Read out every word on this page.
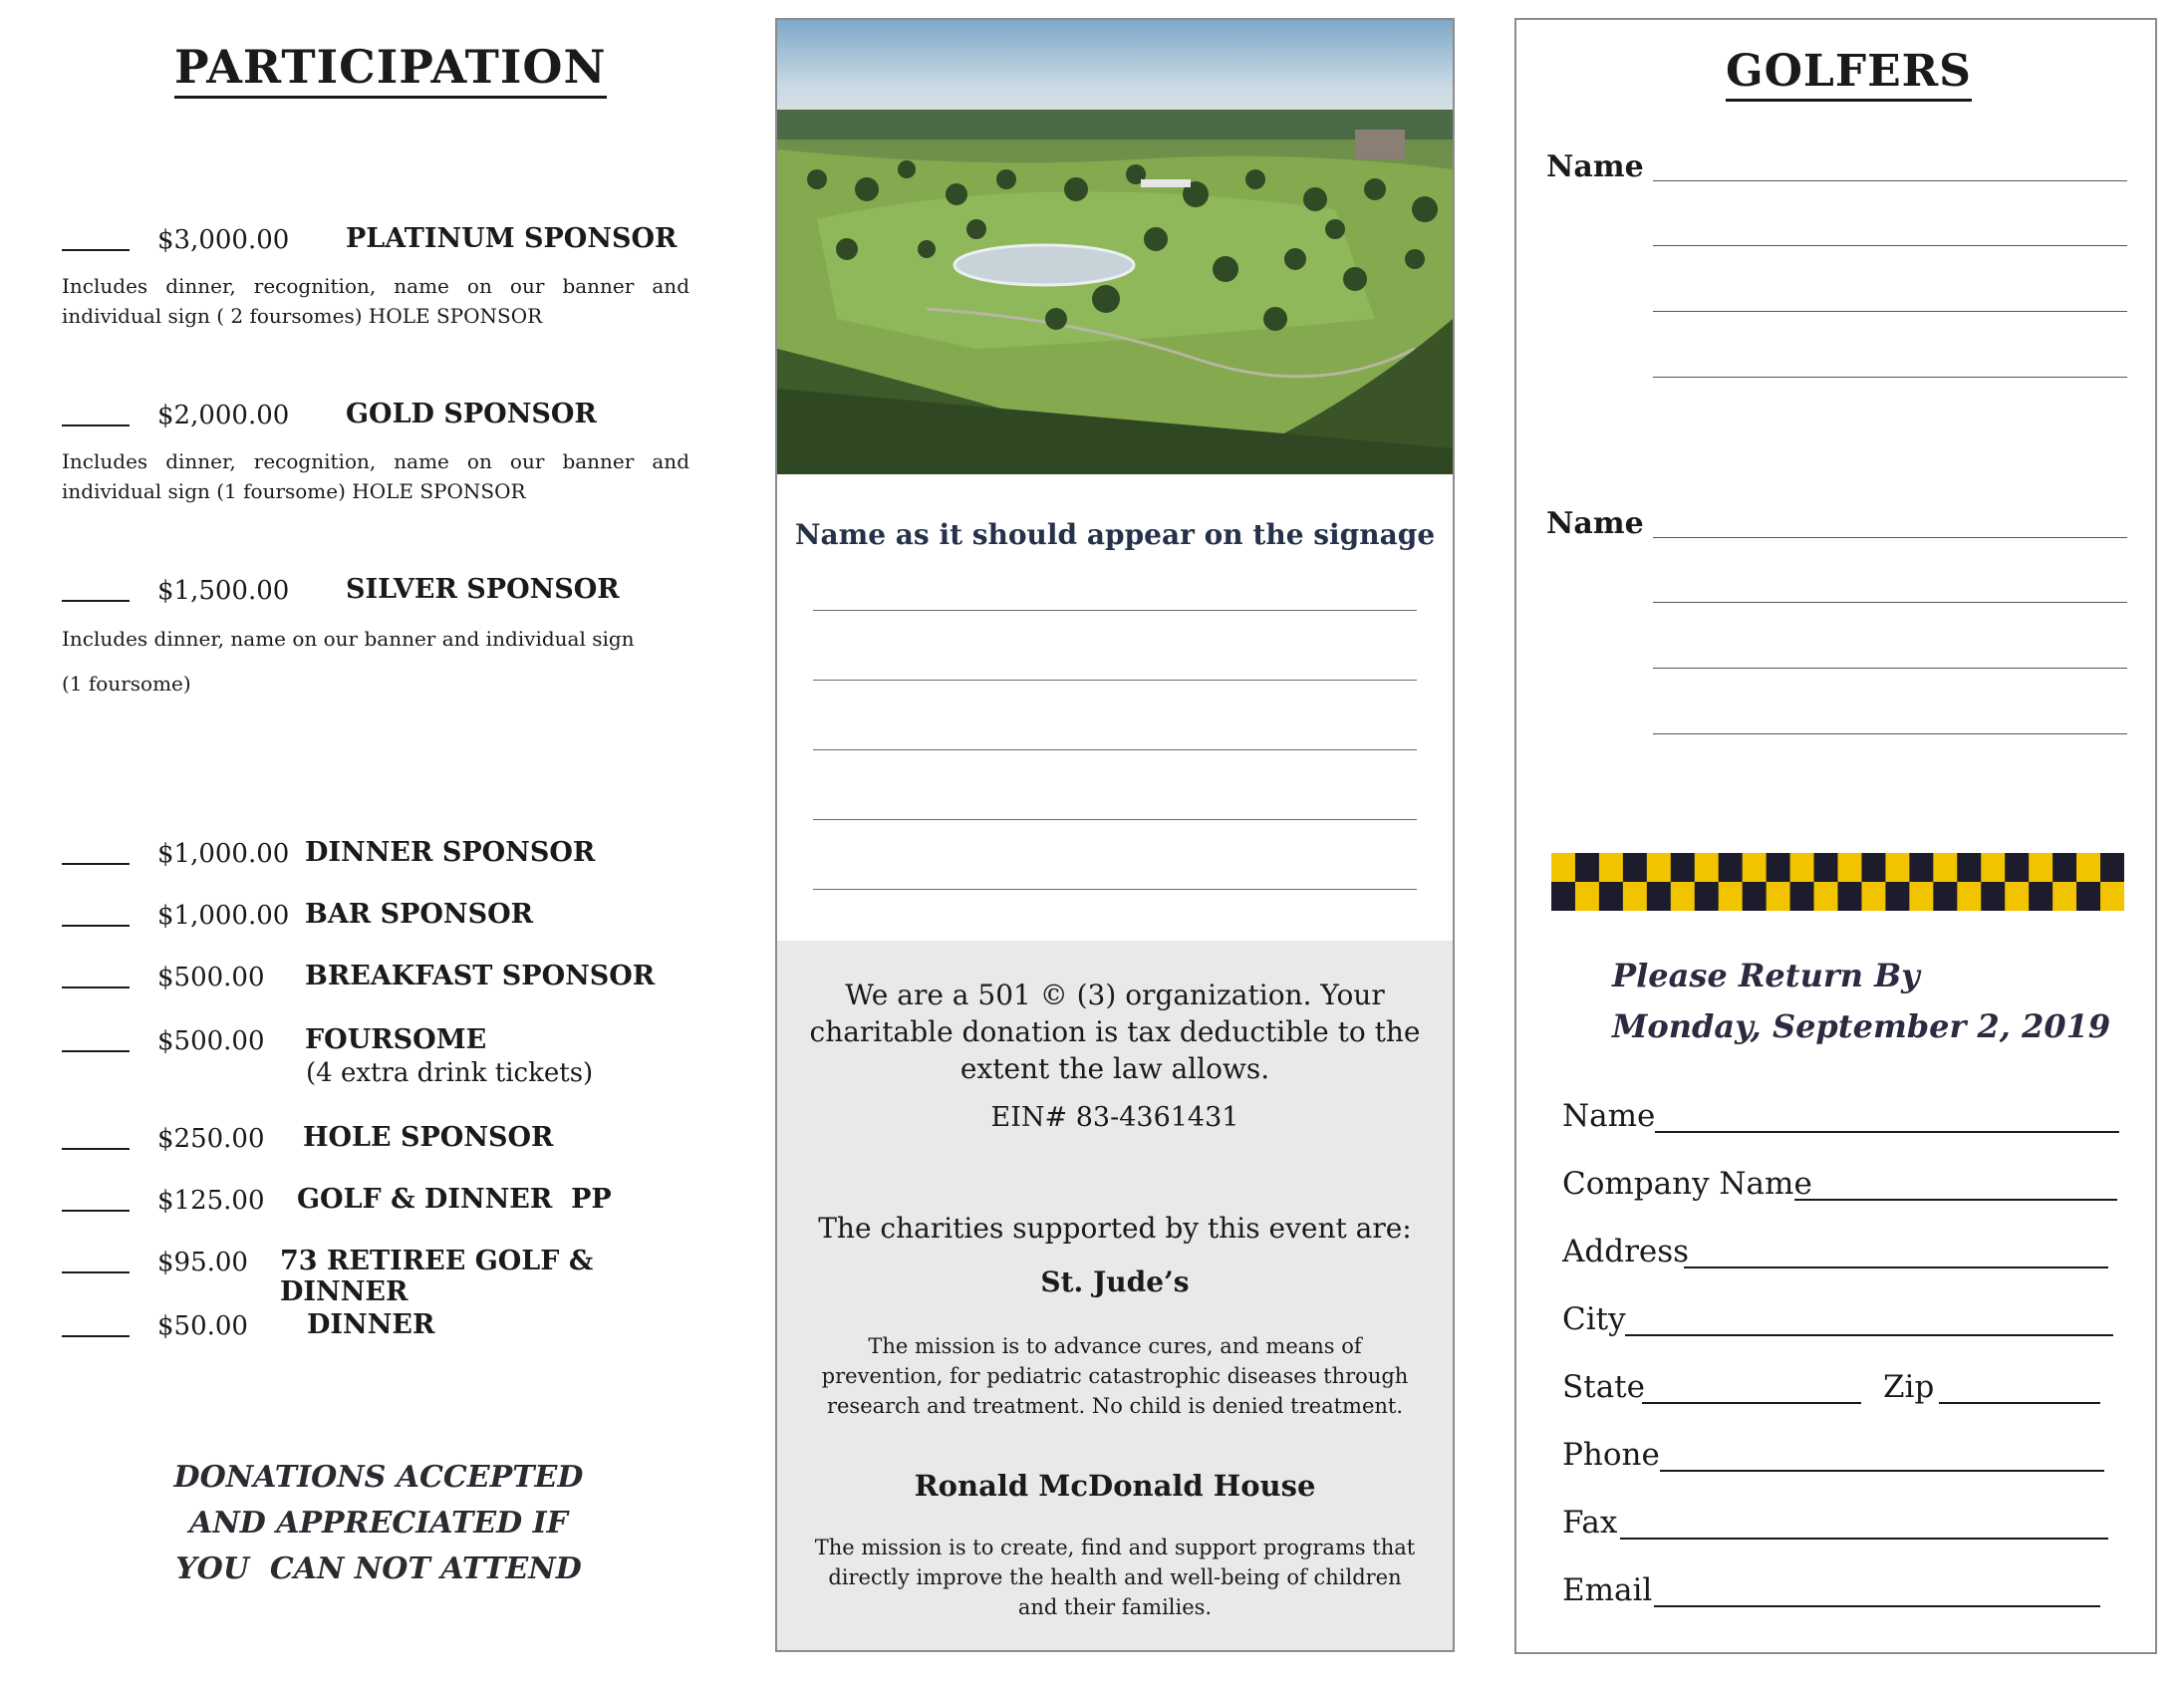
PARTICIPATION
$3,000.00 PLATINUM SPONSOR
Includes dinner, recognition, name on our banner and individual sign ( 2 foursomes) HOLE SPONSOR
$2,000.00 GOLD SPONSOR
Includes dinner, recognition, name on our banner and individual sign (1 foursome) HOLE SPONSOR
$1,500.00 SILVER SPONSOR
Includes dinner, name on our banner and individual sign
(1 foursome)
$1,000.00 DINNER SPONSOR
$1,000.00 BAR SPONSOR
$500.00 BREAKFAST SPONSOR
$500.00 FOURSOME
(4 extra drink tickets)
$250.00 HOLE SPONSOR
$125.00 GOLF & DINNER  PP
$95.00 73 RETIREE GOLF & DINNER
$50.00 DINNER
DONATIONS ACCEPTED
AND APPRECIATED IF
YOU  CAN NOT ATTEND
Name as it should appear on the signage
We are a 501 © (3) organization. Your charitable donation is tax deductible to the extent the law allows.
EIN# 83-4361431
The charities supported by this event are:
St. Jude’s
The mission is to advance cures, and means of prevention, for pediatric catastrophic diseases through research and treatment. No child is denied treatment.
Ronald McDonald House
The mission is to create, find and support programs that directly improve the health and well-being of children and their families.
GOLFERS
Name
Name
Please Return By
Monday, September 2, 2019
Name
Company Name
Address
City
State	Zip
Phone
Fax
Email
